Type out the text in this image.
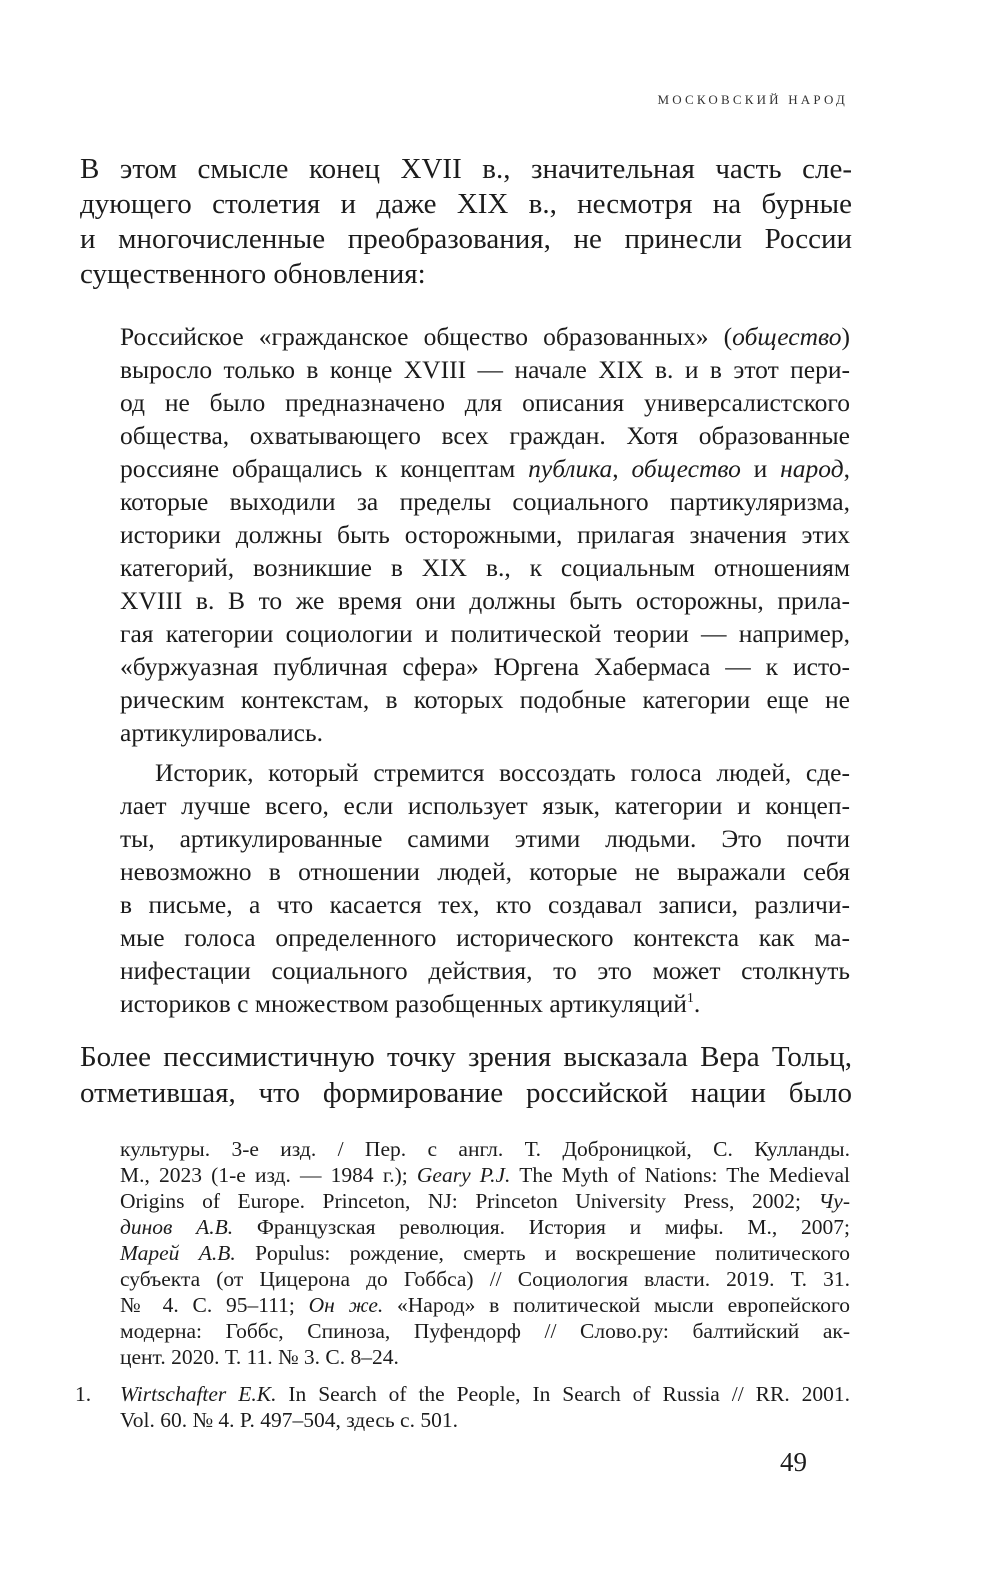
МОСКОВСКИЙ НАРОД
В этом смысле конец XVII в., значительная часть сле-
дующего столетия и даже XIX в., несмотря на бурные
и многочисленные преобразования, не принесли России
существенного обновления:
Российское «гражданское общество образованных» (общество)
выросло только в конце XVIII — начале XIX в. и в этот пери-
од не было предназначено для описания универсалистского
общества, охватывающего всех граждан. Хотя образованные
россияне обращались к концептам публика, общество и народ,
которые выходили за пределы социального партикуляризма,
историки должны быть осторожными, прилагая значения этих
категорий, возникшие в XIX в., к социальным отношениям
XVIII в. В то же время они должны быть осторожны, прила-
гая категории социологии и политической теории — например,
«буржуазная публичная сфера» Юргена Хабермаса — к исто-
рическим контекстам, в которых подобные категории еще не
артикулировались.
Историк, который стремится воссоздать голоса людей, сде-
лает лучше всего, если использует язык, категории и концеп-
ты, артикулированные самими этими людьми. Это почти
невозможно в отношении людей, которые не выражали себя
в письме, а что касается тех, кто создавал записи, различи-
мые голоса определенного исторического контекста как ма-
нифестации социального действия, то это может столкнуть
историков с множеством разобщенных артикуляций$^1$.
Более пессимистичную точку зрения высказала Вера Тольц,
отметившая, что формирование российской нации было
культуры. 3-е изд. / Пер. с англ. Т. Доброницкой, С. Кулланды.
М., 2023 (1-е изд. — 1984 г.); Geary P.J. The Myth of Nations: The Medieval
Origins of Europe. Princeton, NJ: Princeton University Press, 2002; Чу-
динов А.В. Французская революция. История и мифы. М., 2007;
Марей А.В. Populus: рождение, смерть и воскрешение политического
субъекта (от Цицерона до Гоббса) // Социология власти. 2019. Т. 31.
№ 4. С. 95–111; Он же. «Народ» в политической мысли европейского
модерна: Гоббс, Спиноза, Пуфендорф // Слово.ру: балтийский ак-
цент. 2020. Т. 11. № 3. С. 8–24.
1. Wirtschafter E.K. In Search of the People, In Search of Russia // RR. 2001.
Vol. 60. № 4. P. 497–504, здесь с. 501.
49
